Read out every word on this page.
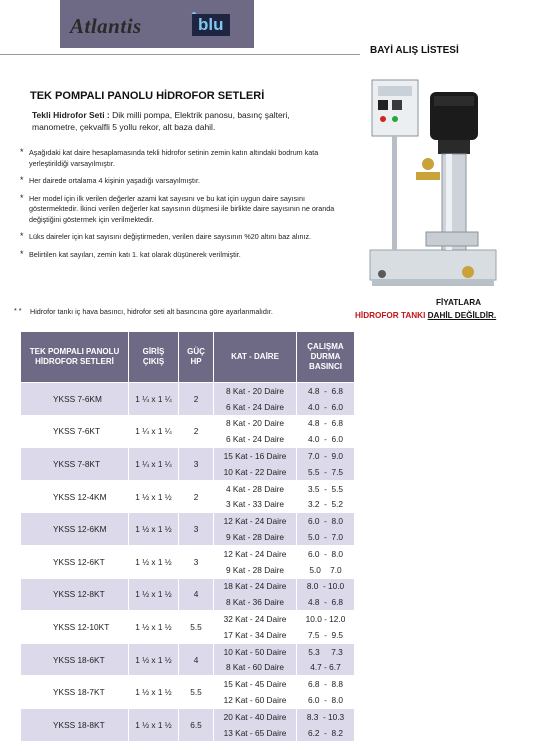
Atlantis	blu
BAYİ ALIŞ LİSTESİ
TEK POMPALI PANOLU HİDROFOR SETLERİ
Tekli Hidrofor Seti : Dik milli pompa, Elektrik panosu, basınç şalteri, manometre, çekvalfli 5 yollu rekor, alt baza dahil.
* Aşağıdaki kat daire hesaplamasında tekli hidrofor setinin zemin katın altındaki bodrum kata yerleştirildiği varsayılmıştır.
* Her dairede ortalama 4 kişinin yaşadığı varsayılmıştır.
* Her model için ilk verilen değerler azami kat sayısını ve bu kat için uygun daire sayısını göstermektedir. İkinci verilen değerler kat sayısının düşmesi ile birlikte daire sayısının ne oranda değiştiğini göstermek için verilmektedir.
* Lüks daireler için kat sayısını değiştirmeden, verilen daire sayısının %20 altını baz alınız.
* Belirtilen kat sayıları, zemin katı 1. kat olarak düşünerek verilmiştir.
* * Hidrofor tankı iç hava basıncı, hidrofor seti alt basıncına göre ayarlanmalıdır.
FİYATLARA
HİDROFOR TANKI DAHİL DEĞİLDİR.
TEK POMPALI PANOLU HİDROFOR SETLERİ	GİRİŞ ÇIKIŞ	GÜÇ HP	KAT - DAİRE	ÇALIŞMA DURMA BASINCI
YKSS 7-6KM	1 ¼ x 1 ¼	2	8 Kat - 20 Daire	4.8  -  6.8
			6 Kat - 24 Daire	4.0  -  6.0
YKSS 7-6KT	1 ¼ x 1 ¼	2	8 Kat - 20 Daire	4.8  -  6.8
			6 Kat - 24 Daire	4.0  -  6.0
YKSS 7-8KT	1 ¼ x 1 ¼	3	15 Kat - 16 Daire	7.0  -  9.0
			10 Kat - 22 Daire	5.5  -  7.5
YKSS 12-4KM	1 ½ x 1 ½	2	4 Kat - 28 Daire	3.5  -  5.5
			3 Kat - 33 Daire	3.2  -  5.2
YKSS 12-6KM	1 ½ x 1 ½	3	12 Kat - 24 Daire	6.0  -  8.0
			9 Kat - 28 Daire	5.0  -  7.0
YKSS 12-6KT	1 ½ x 1 ½	3	12 Kat - 24 Daire	6.0  -  8.0
			9 Kat - 28 Daire	5.0    7.0
YKSS 12-8KT	1 ½ x 1 ½	4	18 Kat - 24 Daire	8.0  - 10.0
			8 Kat - 36 Daire	4.8  -  6.8
YKSS 12-10KT	1 ½ x 1 ½	5.5	32 Kat - 24 Daire	10.0 - 12.0
			17 Kat - 34 Daire	7.5  -  9.5
YKSS 18-6KT	1 ½ x 1 ½	4	10 Kat - 50 Daire	5.3     7.3
			8 Kat - 60 Daire	4.7 - 6.7
YKSS 18-7KT	1 ½ x 1 ½	5.5	15 Kat - 45 Daire	6.8  -  8.8
			12 Kat - 60 Daire	6.0  -  8.0
YKSS 18-8KT	1 ½ x 1 ½	6.5	20 Kat - 40 Daire	8.3  - 10.3
			13 Kat - 65 Daire	6.2  -  8.2
